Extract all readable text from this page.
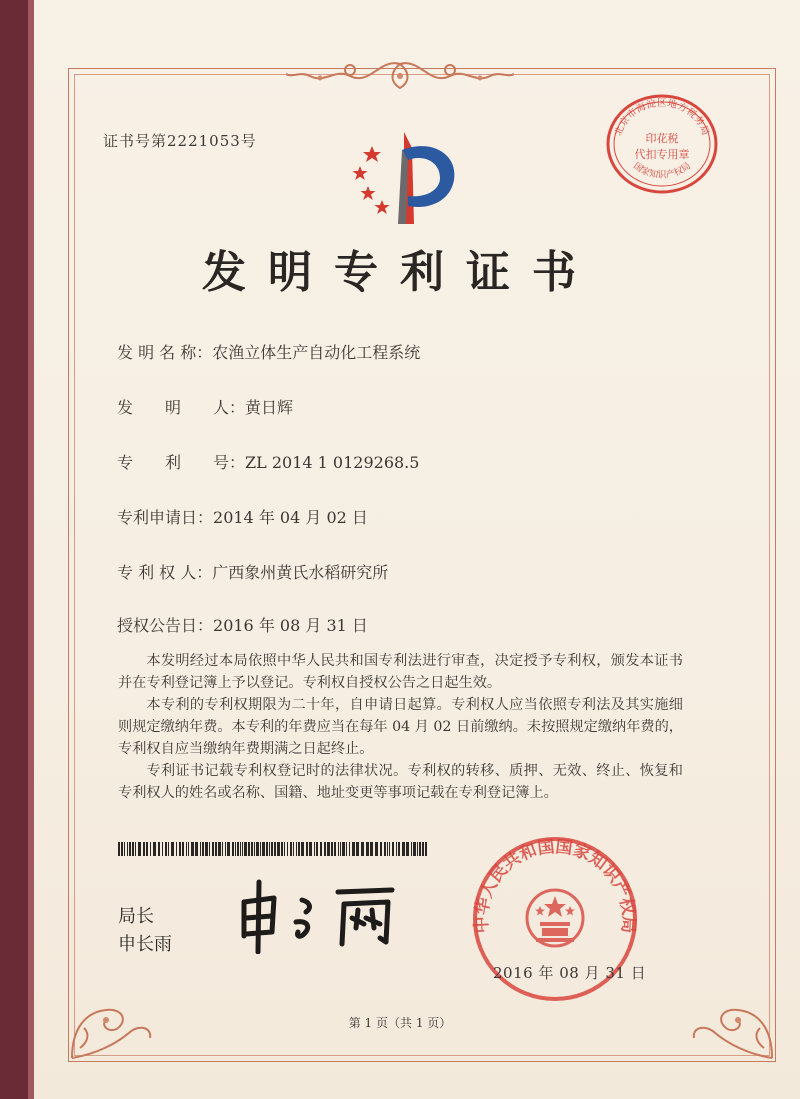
证书号第2221053号
发明专利证书
北京市海淀区地方税务局
印花税
代扣专用章
国家知识产权局
发 明 名 称：农渔立体生产自动化工程系统
发　　明　　人：黄日辉
专　　利　　号：ZL 2014 1 0129268.5
专利申请日：2014 年 04 月 02 日
专 利 权 人：广西象州黄氏水稻研究所
授权公告日：2016 年 08 月 31 日

本发明经过本局依照中华人民共和国专利法进行审查，决定授予专利权，颁发本证书并在专利登记簿上予以登记。专利权自授权公告之日起生效。

本专利的专利权期限为二十年，自申请日起算。专利权人应当依照专利法及其实施细则规定缴纳年费。本专利的年费应当在每年 04 月 02 日前缴纳。未按照规定缴纳年费的，专利权自应当缴纳年费期满之日起终止。

专利证书记载专利权登记时的法律状况。专利权的转移、质押、无效、终止、恢复和专利权人的姓名或名称、国籍、地址变更等事项记载在专利登记簿上。

局长
申长雨
中华人民共和国国家知识产权局
2016 年 08 月 31 日
第 1 页（共 1 页）
